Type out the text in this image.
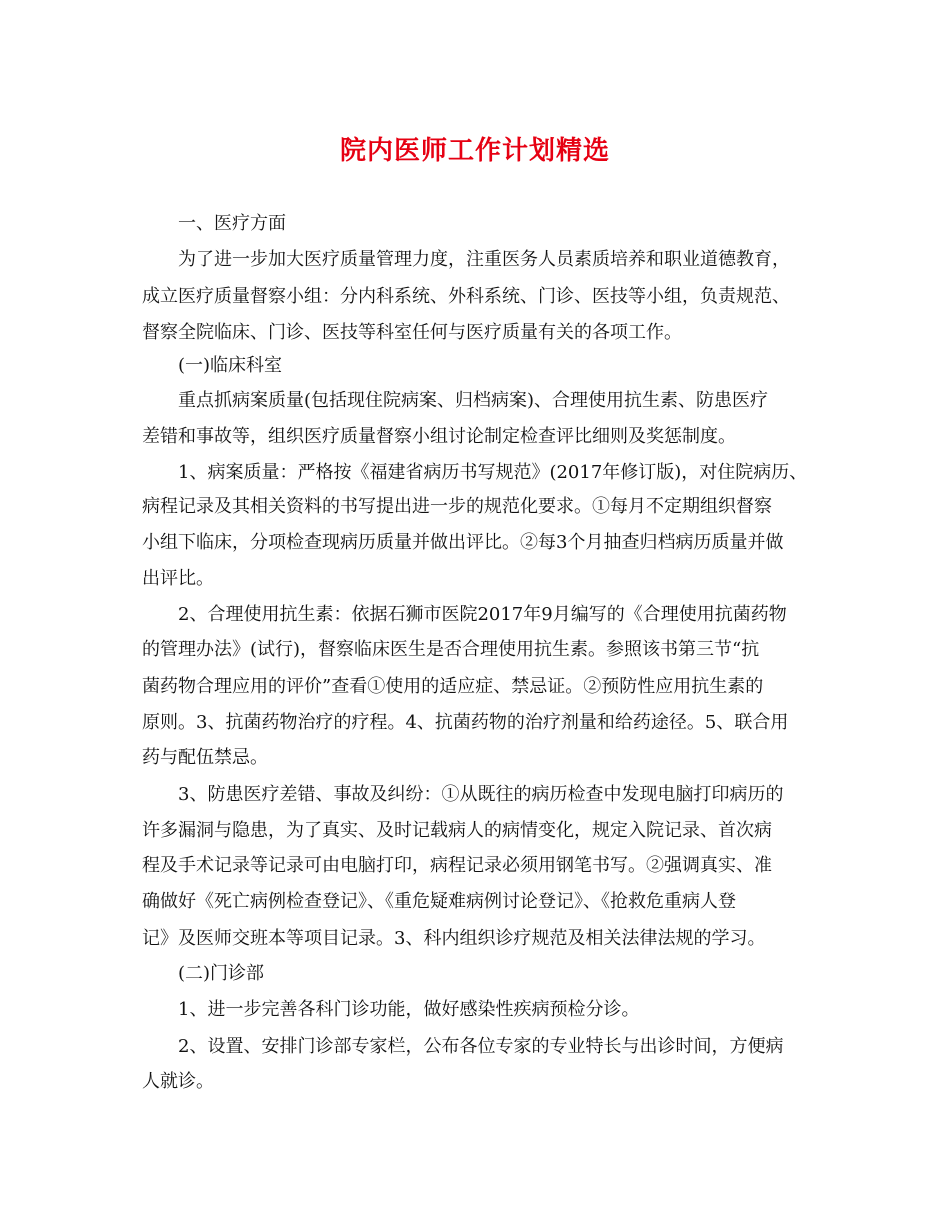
院内医师工作计划精选
一、医疗方面
为了进一步加大医疗质量管理力度，注重医务人员素质培养和职业道德教育，
成立医疗质量督察小组：分内科系统、外科系统、门诊、医技等小组，负责规范、
督察全院临床、门诊、医技等科室任何与医疗质量有关的各项工作。
(一)临床科室
重点抓病案质量(包括现住院病案、归档病案)、合理使用抗生素、防患医疗
差错和事故等，组织医疗质量督察小组讨论制定检查评比细则及奖惩制度。
1、病案质量：严格按《福建省病历书写规范》(2017年修订版)，对住院病历、
病程记录及其相关资料的书写提出进一步的规范化要求。①每月不定期组织督察
小组下临床，分项检查现病历质量并做出评比。②每3个月抽查归档病历质量并做
出评比。
2、合理使用抗生素：依据石狮市医院2017年9月编写的《合理使用抗菌药物
的管理办法》(试行)，督察临床医生是否合理使用抗生素。参照该书第三节“抗
菌药物合理应用的评价”查看①使用的适应症、禁忌证。②预防性应用抗生素的
原则。3、抗菌药物治疗的疗程。4、抗菌药物的治疗剂量和给药途径。5、联合用
药与配伍禁忌。
3、防患医疗差错、事故及纠纷：①从既往的病历检查中发现电脑打印病历的
许多漏洞与隐患，为了真实、及时记载病人的病情变化，规定入院记录、首次病
程及手术记录等记录可由电脑打印，病程记录必须用钢笔书写。②强调真实、准
确做好《死亡病例检查登记》、《重危疑难病例讨论登记》、《抢救危重病人登
记》及医师交班本等项目记录。3、科内组织诊疗规范及相关法律法规的学习。
(二)门诊部
1、进一步完善各科门诊功能，做好感染性疾病预检分诊。
2、设置、安排门诊部专家栏，公布各位专家的专业特长与出诊时间，方便病
人就诊。
